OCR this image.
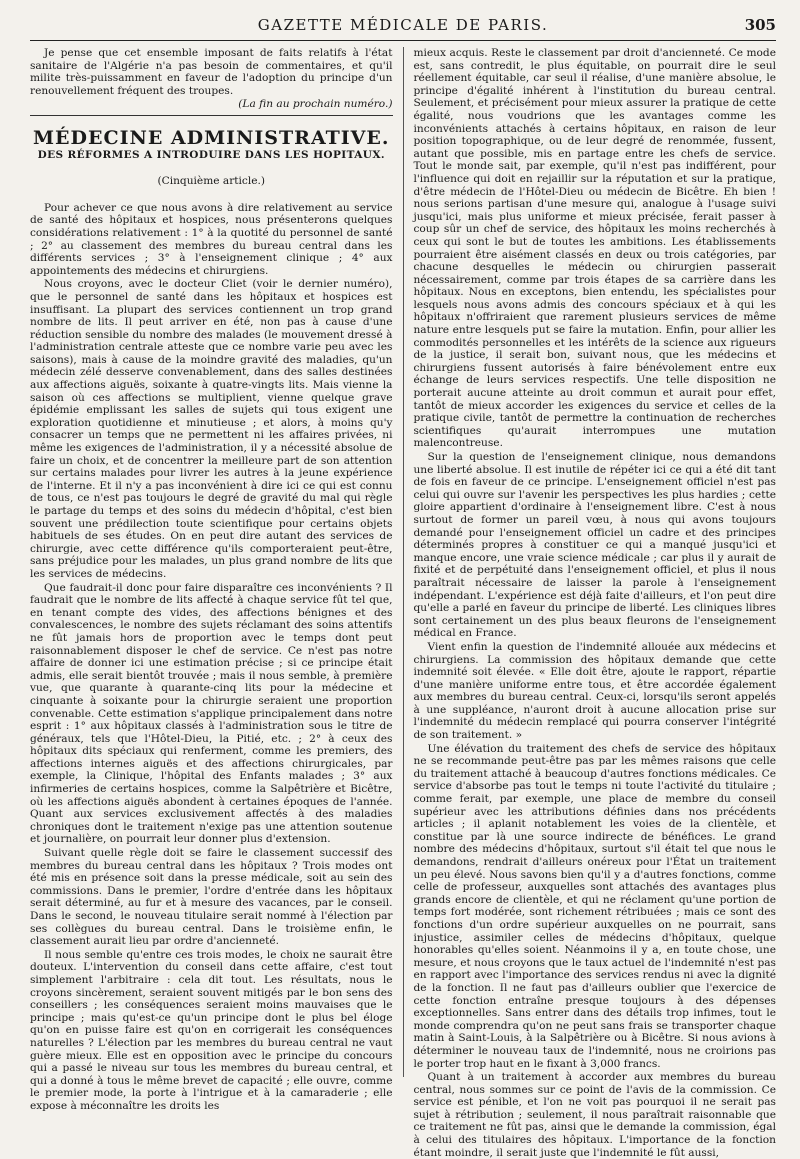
GAZETTE MÉDICALE DE PARIS.	305

Je pense que cet ensemble imposant de faits relatifs à l'état sanitaire de l'Algérie n'a pas besoin de commentaires, et qu'il milite très-puissamment en faveur de l'adoption du principe d'un renouvellement fréquent des troupes.

(La fin au prochain numéro.)

MÉDECINE ADMINISTRATIVE.
DES RÉFORMES A INTRODUIRE DANS LES HOPITAUX.
(Cinquième article.)

Pour achever ce que nous avons à dire relativement au service de santé des hôpitaux et hospices, nous présenterons quelques considérations relativement : 1° à la quotité du personnel de santé ; 2° au classement des membres du bureau central dans les différents services ; 3° à l'enseignement clinique ; 4° aux appointements des médecins et chirurgiens.

Nous croyons, avec le docteur Cliet (voir le dernier numéro), que le personnel de santé dans les hôpitaux et hospices est insuffisant. La plupart des services contiennent un trop grand nombre de lits. Il peut arriver en été, non pas à cause d'une réduction sensible du nombre des malades (le mouvement dressé à l'administration centrale atteste que ce nombre varie peu avec les saisons), mais à cause de la moindre gravité des maladies, qu'un médecin zélé desserve convenablement, dans des salles destinées aux affections aiguës, soixante à quatre-vingts lits. Mais vienne la saison où ces affections se multiplient, vienne quelque grave épidémie emplissant les salles de sujets qui tous exigent une exploration quotidienne et minutieuse ; et alors, à moins qu'y consacrer un temps que ne permettent ni les affaires privées, ni même les exigences de l'administration, il y a nécessité absolue de faire un choix, et de concentrer la meilleure part de son attention sur certains malades pour livrer les autres à la jeune expérience de l'interne. Et il n'y a pas inconvénient à dire ici ce qui est connu de tous, ce n'est pas toujours le degré de gravité du mal qui règle le partage du temps et des soins du médecin d'hôpital, c'est bien souvent une prédilection toute scientifique pour certains objets habituels de ses études. On en peut dire autant des services de chirurgie, avec cette différence qu'ils comporteraient peut-être, sans préjudice pour les malades, un plus grand nombre de lits que les services de médecins.

Que faudrait-il donc pour faire disparaître ces inconvénients ? Il faudrait que le nombre de lits affecté à chaque service fût tel que, en tenant compte des vides, des affections bénignes et des convalescences, le nombre des sujets réclamant des soins attentifs ne fût jamais hors de proportion avec le temps dont peut raisonnablement disposer le chef de service. Ce n'est pas notre affaire de donner ici une estimation précise ; si ce principe était admis, elle serait bientôt trouvée ; mais il nous semble, à première vue, que quarante à quarante-cinq lits pour la médecine et cinquante à soixante pour la chirurgie seraient une proportion convenable. Cette estimation s'applique principalement dans notre esprit : 1° aux hôpitaux classés à l'administration sous le titre de généraux, tels que l'Hôtel-Dieu, la Pitié, etc. ; 2° à ceux des hôpitaux dits spéciaux qui renferment, comme les premiers, des affections internes aiguës et des affections chirurgicales, par exemple, la Clinique, l'hôpital des Enfants malades ; 3° aux infirmeries de certains hospices, comme la Salpêtrière et Bicêtre, où les affections aiguës abondent à certaines époques de l'année. Quant aux services exclusivement affectés à des maladies chroniques dont le traitement n'exige pas une attention soutenue et journalière, on pourrait leur donner plus d'extension.

Suivant quelle règle doit se faire le classement successif des membres du bureau central dans les hôpitaux ? Trois modes ont été mis en présence soit dans la presse médicale, soit au sein des commissions. Dans le premier, l'ordre d'entrée dans les hôpitaux serait déterminé, au fur et à mesure des vacances, par le conseil. Dans le second, le nouveau titulaire serait nommé à l'élection par ses collègues du bureau central. Dans le troisième enfin, le classement aurait lieu par ordre d'ancienneté.

Il nous semble qu'entre ces trois modes, le choix ne saurait être douteux. L'intervention du conseil dans cette affaire, c'est tout simplement l'arbitraire : cela dit tout. Les résultats, nous le croyons sincèrement, seraient souvent mitigés par le bon sens des conseillers ; les conséquences seraient moins mauvaises que le principe ; mais qu'est-ce qu'un principe dont le plus bel éloge qu'on en puisse faire est qu'on en corrigerait les conséquences naturelles ? L'élection par les membres du bureau central ne vaut guère mieux. Elle est en opposition avec le principe du concours qui a passé le niveau sur tous les membres du bureau central, et qui a donné à tous le même brevet de capacité ; elle ouvre, comme le premier mode, la porte à l'intrigue et à la camaraderie ; elle expose à méconnaître les droits les

mieux acquis. Reste le classement par droit d'ancienneté. Ce mode est, sans contredit, le plus équitable, on pourrait dire le seul réellement équitable, car seul il réalise, d'une manière absolue, le principe d'égalité inhérent à l'institution du bureau central. Seulement, et précisément pour mieux assurer la pratique de cette égalité, nous voudrions que les avantages comme les inconvénients attachés à certains hôpitaux, en raison de leur position topographique, ou de leur degré de renommée, fussent, autant que possible, mis en partage entre les chefs de service. Tout le monde sait, par exemple, qu'il n'est pas indifférent, pour l'influence qui doit en rejaillir sur la réputation et sur la pratique, d'être médecin de l'Hôtel-Dieu ou médecin de Bicêtre. Eh bien ! nous serions partisan d'une mesure qui, analogue à l'usage suivi jusqu'ici, mais plus uniforme et mieux précisée, ferait passer à coup sûr un chef de service, des hôpitaux les moins recherchés à ceux qui sont le but de toutes les ambitions. Les établissements pourraient être aisément classés en deux ou trois catégories, par chacune desquelles le médecin ou chirurgien passerait nécessairement, comme par trois étapes de sa carrière dans les hôpitaux. Nous en exceptons, bien entendu, les spécialistes pour lesquels nous avons admis des concours spéciaux et à qui les hôpitaux n'offriraient que rarement plusieurs services de même nature entre lesquels put se faire la mutation. Enfin, pour allier les commodités personnelles et les intérêts de la science aux rigueurs de la justice, il serait bon, suivant nous, que les médecins et chirurgiens fussent autorisés à faire bénévolement entre eux échange de leurs services respectifs. Une telle disposition ne porterait aucune atteinte au droit commun et aurait pour effet, tantôt de mieux accorder les exigences du service et celles de la pratique civile, tantôt de permettre la continuation de recherches scientifiques qu'aurait interrompues une mutation malencontreuse.

Sur la question de l'enseignement clinique, nous demandons une liberté absolue. Il est inutile de répéter ici ce qui a été dit tant de fois en faveur de ce principe. L'enseignement officiel n'est pas celui qui ouvre sur l'avenir les perspectives les plus hardies ; cette gloire appartient d'ordinaire à l'enseignement libre. C'est à nous surtout de former un pareil vœu, à nous qui avons toujours demandé pour l'enseignement officiel un cadre et des principes déterminés propres à constituer ce qui a manqué jusqu'ici et manque encore, une vraie science médicale ; car plus il y aurait de fixité et de perpétuité dans l'enseignement officiel, et plus il nous paraîtrait nécessaire de laisser la parole à l'enseignement indépendant. L'expérience est déjà faite d'ailleurs, et l'on peut dire qu'elle a parlé en faveur du principe de liberté. Les cliniques libres sont certainement un des plus beaux fleurons de l'enseignement médical en France.

Vient enfin la question de l'indemnité allouée aux médecins et chirurgiens. La commission des hôpitaux demande que cette indemnité soit élevée. « Elle doit être, ajoute le rapport, répartie d'une manière uniforme entre tous, et être accordée également aux membres du bureau central. Ceux-ci, lorsqu'ils seront appelés à une suppléance, n'auront droit à aucune allocation prise sur l'indemnité du médecin remplacé qui pourra conserver l'intégrité de son traitement. »

Une élévation du traitement des chefs de service des hôpitaux ne se recommande peut-être pas par les mêmes raisons que celle du traitement attaché à beaucoup d'autres fonctions médicales. Ce service d'absorbe pas tout le temps ni toute l'activité du titulaire ; comme ferait, par exemple, une place de membre du conseil supérieur avec les attributions définies dans nos précédents articles ; il aplanit notablement les voies de la clientèle, et constitue par là une source indirecte de bénéfices. Le grand nombre des médecins d'hôpitaux, surtout s'il était tel que nous le demandons, rendrait d'ailleurs onéreux pour l'État un traitement un peu élevé. Nous savons bien qu'il y a d'autres fonctions, comme celle de professeur, auxquelles sont attachés des avantages plus grands encore de clientèle, et qui ne réclament qu'une portion de temps fort modérée, sont richement rétribuées ; mais ce sont des fonctions d'un ordre supérieur auxquelles on ne pourrait, sans injustice, assimiler celles de médecins d'hôpitaux, quelque honorables qu'elles soient. Néanmoins il y a, en toute chose, une mesure, et nous croyons que le taux actuel de l'indemnité n'est pas en rapport avec l'importance des services rendus ni avec la dignité de la fonction. Il ne faut pas d'ailleurs oublier que l'exercice de cette fonction entraîne presque toujours à des dépenses exceptionnelles. Sans entrer dans des détails trop infimes, tout le monde comprendra qu'on ne peut sans frais se transporter chaque matin à Saint-Louis, à la Salpêtrière ou à Bicêtre. Si nous avions à déterminer le nouveau taux de l'indemnité, nous ne croirions pas le porter trop haut en le fixant à 3,000 francs.

Quant à un traitement à accorder aux membres du bureau central, nous sommes sur ce point de l'avis de la commission. Ce service est pénible, et l'on ne voit pas pourquoi il ne serait pas sujet à rétribution ; seulement, il nous paraîtrait raisonnable que ce traitement ne fût pas, ainsi que le demande la commission, égal à celui des titulaires des hôpitaux. L'importance de la fonction étant moindre, il serait juste que l'indemnité le fût aussi,
